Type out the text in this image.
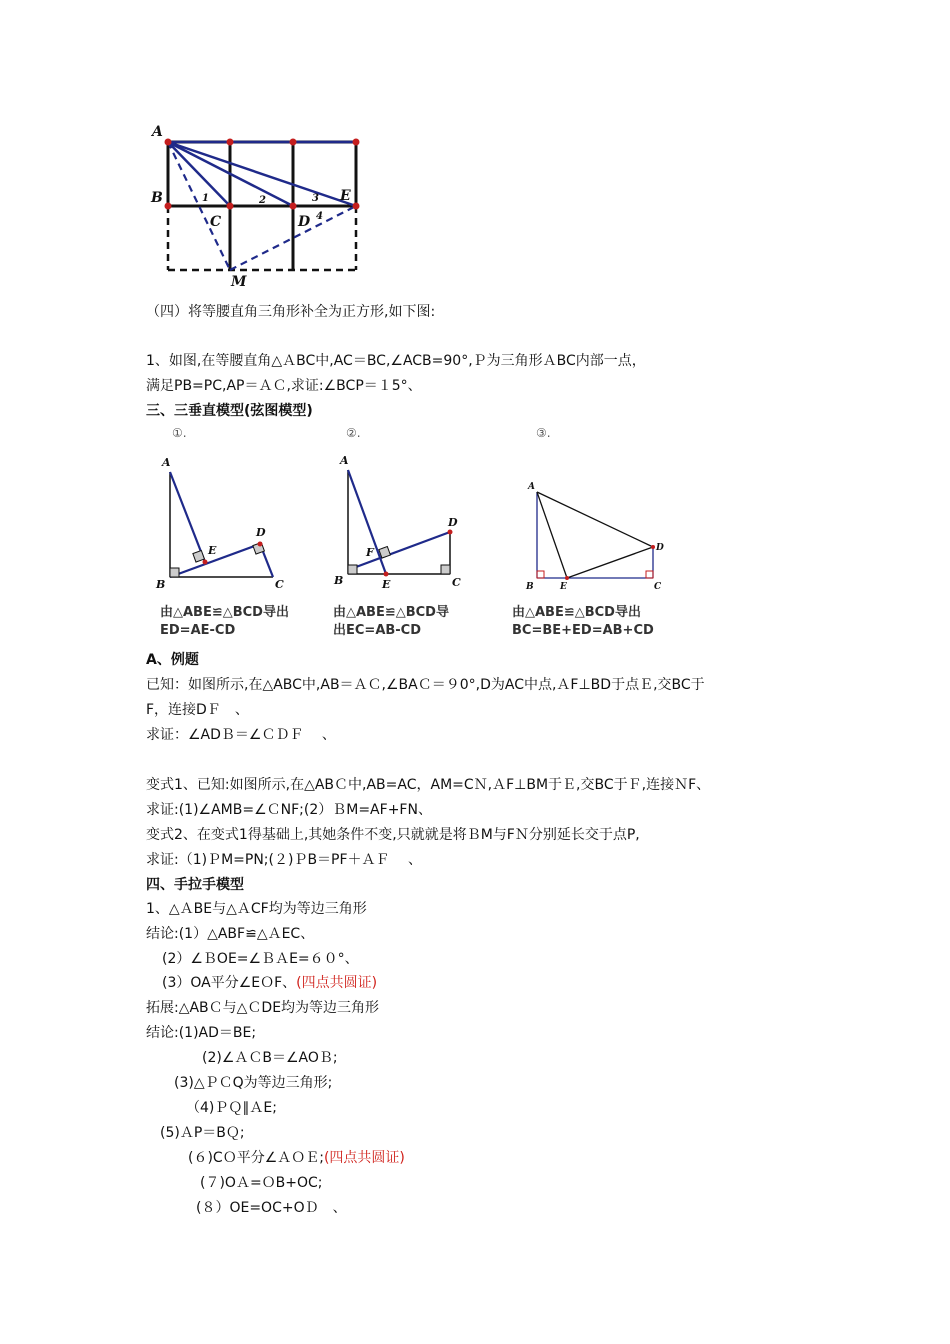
A
B
C	D
E
M
1	2	3
4
（四）将等腰直角三角形补全为正方形,如下图:
1、如图,在等腰直角△ＡBC中,AC＝BC,∠ACB=90°,Ｐ为三角形ＡBC内部一点，
满足PB=PC,AP＝ＡＣ,求证:∠BCP＝１5°、
三、三垂直模型(弦图模型)
①.	②.	③.
A
B	C
D
E
A
B	C
D
E
F
A
B	C
D
E
由△ABE≌△BCD导出
ED=AE-CD
由△ABE≌△BCD导
出EC=AB-CD
由△ABE≌△BCD导出
BC=BE+ED=AB+CD
A、例题
已知：如图所示,在△ABC中,AB＝ＡＣ,∠BAＣ＝９0°,D为AC中点,ＡF⊥BD于点Ｅ,交BC于
F，连接DＦ　、
求证：∠ADＢ＝∠ＣＤＦ　 、
变式1、已知:如图所示,在△ABＣ中,AB=AC，AM=CＮ,ＡF⊥BM于Ｅ,交BC于Ｆ,连接ＮF、
求证:(1)∠AMB=∠ＣNF;(2）ＢM=AF+FN、
变式2、在变式1得基础上,其她条件不变,只就就是将ＢM与FＮ分别延长交于点P,
求证:（1)ＰM=PN;(２)ＰB＝PF＋ＡＦ　 、
四、手拉手模型
1、△ＡBE与△ＡCF均为等边三角形
结论:(1）△ABF≌△ＡEC、
(2）∠ＢOE=∠ＢＡE=６０°、
(3）OA平分∠EＯF、(四点共圆证)
拓展:△ABＣ与△ＣDE均为等边三角形
结论:(1)AD＝BE;
(2)∠ＡＣB＝∠AOＢ;
(3)△ＰＣQ为等边三角形;
（4)ＰＱ∥ＡE;
(5)ＡP＝BＱ;
(６)CＯ平分∠ＡＯＥ;(四点共圆证)
(７)OＡ=ＯB+OC;
(８）OE=OC+OＤ　、
